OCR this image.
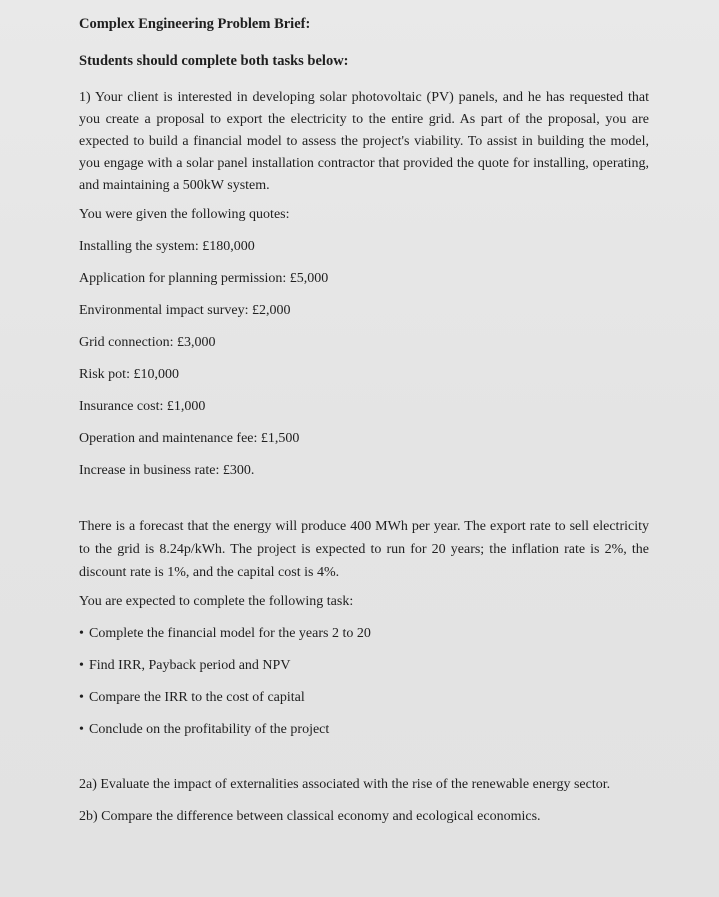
Complex Engineering Problem Brief:
Students should complete both tasks below:

1) Your client is interested in developing solar photovoltaic (PV) panels, and he has requested that you create a proposal to export the electricity to the entire grid. As part of the proposal, you are expected to build a financial model to assess the project's viability. To assist in building the model, you engage with a solar panel installation contractor that provided the quote for installing, operating, and maintaining a 500kW system.

You were given the following quotes:
Installing the system: £180,000
Application for planning permission: £5,000
Environmental impact survey: £2,000
Grid connection: £3,000
Risk pot: £10,000
Insurance cost: £1,000
Operation and maintenance fee: £1,500
Increase in business rate: £300.

There is a forecast that the energy will produce 400 MWh per year. The export rate to sell electricity to the grid is 8.24p/kWh. The project is expected to run for 20 years; the inflation rate is 2%, the discount rate is 1%, and the capital cost is 4%.

You are expected to complete the following task:
• Complete the financial model for the years 2 to 20
• Find IRR, Payback period and NPV
• Compare the IRR to the cost of capital
• Conclude on the profitability of the project

2a) Evaluate the impact of externalities associated with the rise of the renewable energy sector.

2b) Compare the difference between classical economy and ecological economics.
